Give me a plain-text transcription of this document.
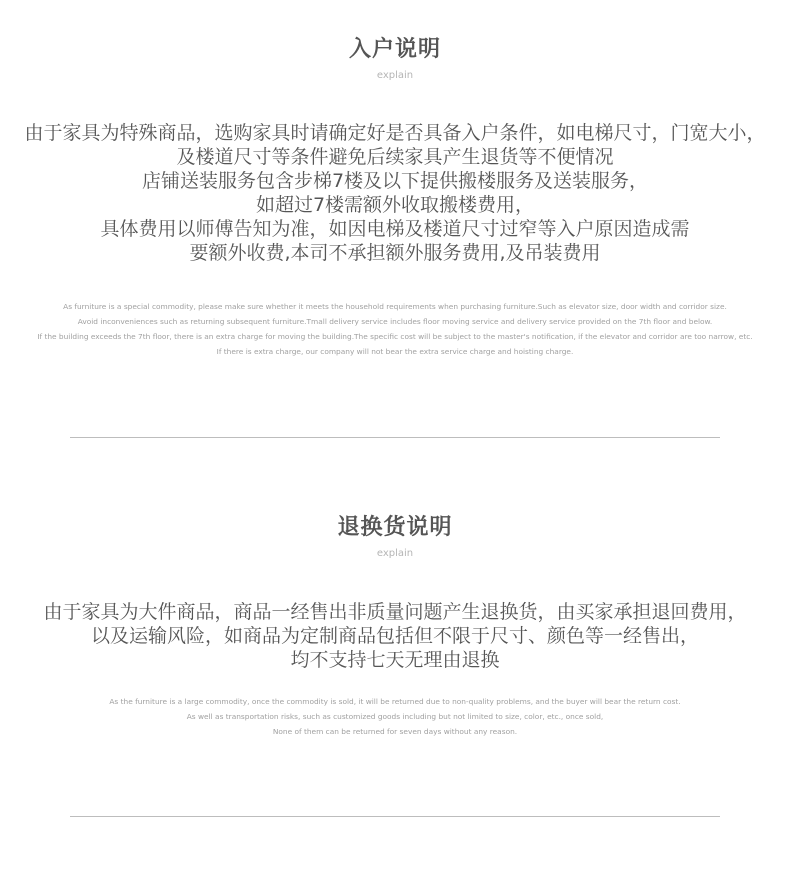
入户说明
explain
由于家具为特殊商品，选购家具时请确定好是否具备入户条件，如电梯尺寸，门宽大小，
及楼道尺寸等条件避免后续家具产生退货等不便情况
店铺送装服务包含步梯7楼及以下提供搬楼服务及送装服务，
如超过7楼需额外收取搬楼费用，
具体费用以师傅告知为准，如因电梯及楼道尺寸过窄等入户原因造成需
要额外收费,本司不承担额外服务费用,及吊装费用
As furniture is a special commodity, please make sure whether it meets the household requirements when purchasing furniture.Such as elevator size, door width and corridor size.
Avoid inconveniences such as returning subsequent furniture.Tmall delivery service includes floor moving service and delivery service provided on the 7th floor and below.
If the building exceeds the 7th floor, there is an extra charge for moving the building.The specific cost will be subject to the master's notification, if the elevator and corridor are too narrow, etc.
If there is extra charge, our company will not bear the extra service charge and hoisting charge.
退换货说明
explain
由于家具为大件商品，商品一经售出非质量问题产生退换货，由买家承担退回费用，
以及运输风险，如商品为定制商品包括但不限于尺寸、颜色等一经售出，
均不支持七天无理由退换
As the furniture is a large commodity, once the commodity is sold, it will be returned due to non-quality problems, and the buyer will bear the return cost.
As well as transportation risks, such as customized goods including but not limited to size, color, etc., once sold,
None of them can be returned for seven days without any reason.
